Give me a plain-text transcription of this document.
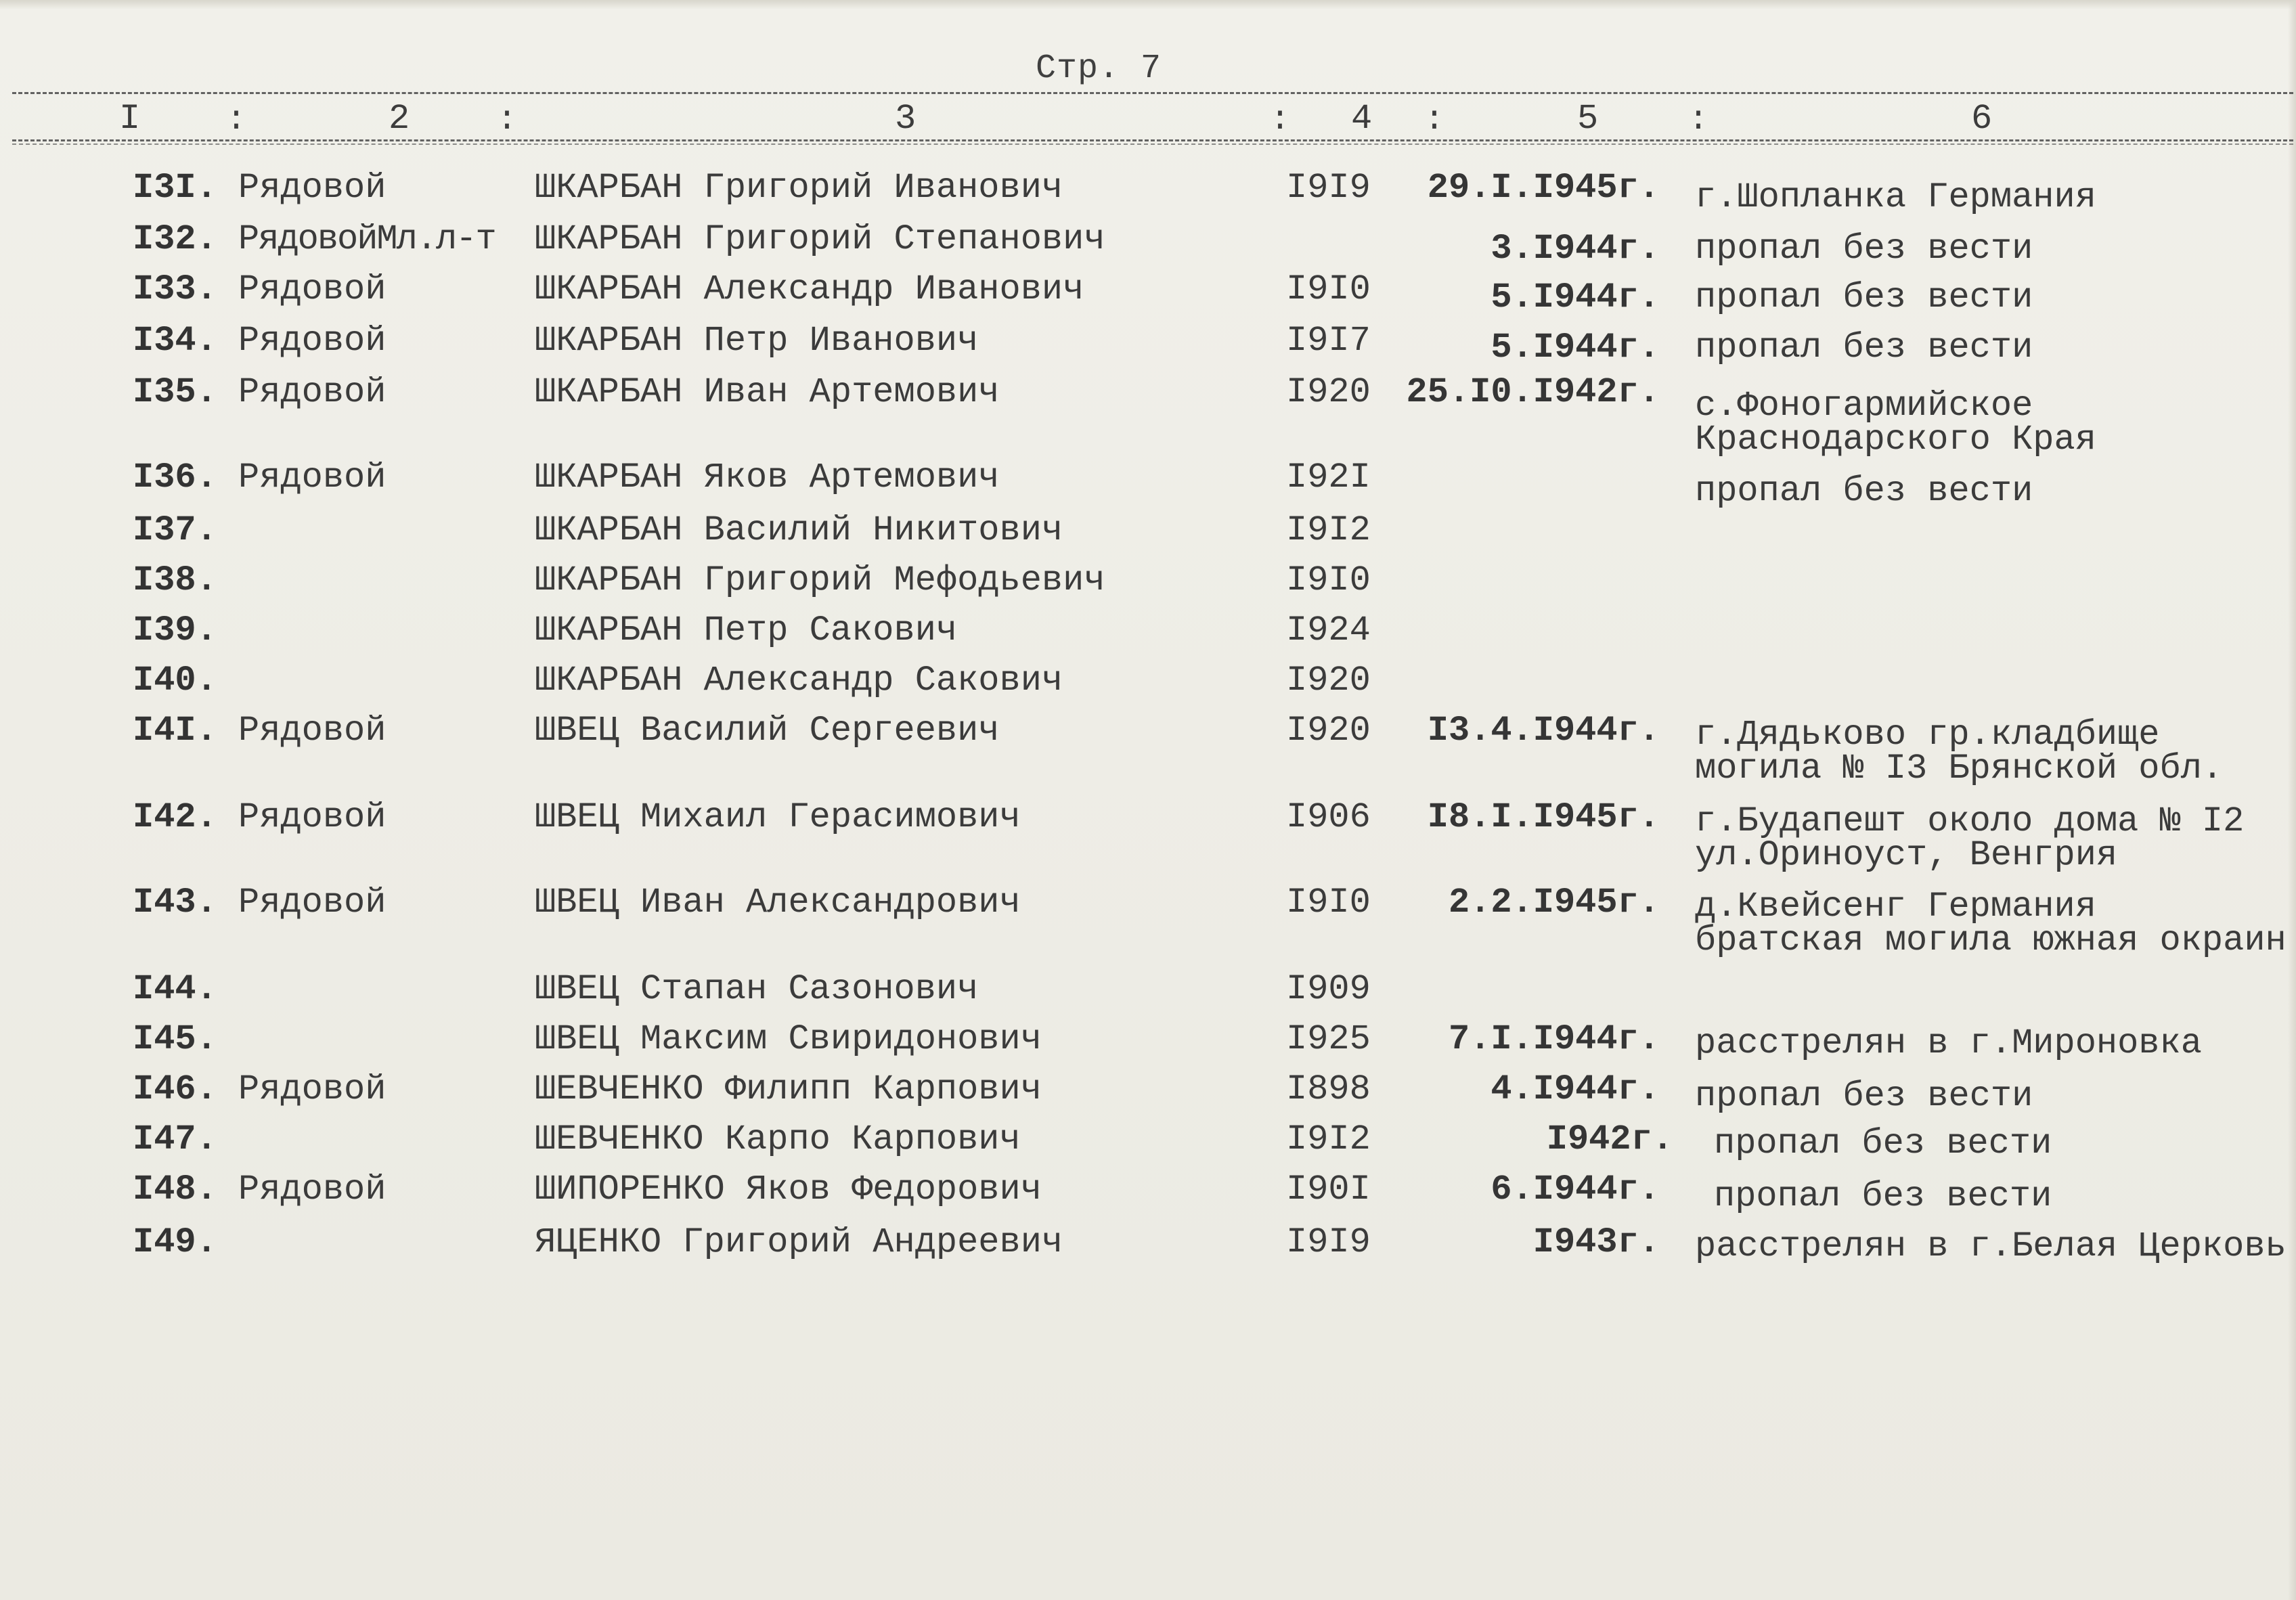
Стр. 7
I	:	2	:	3	: 4 :	5	:	6
I3I. Рядовой	ШКАРБАН Григорий Иванович	I9I9 29.I.I945г. г.Шопланка Германия
I32. РядовойМл.л-т ШКАРБАН Григорий Степанович	3.I944г. пропал без вести
I33. Рядовой	ШКАРБАН Александр Иванович	I9I0	5.I944г. пропал без вести
I34. Рядовой	ШКАРБАН Петр Иванович	I9I7	5.I944г. пропал без вести
I35. Рядовой	ШКАРБАН Иван Артемович	I920 25.I0.I942г. с.Фоногармийское
Краснодарского Края
I36. Рядовой	ШКАРБАН Яков Артемович	I92I	пропал без вести
I37.	ШКАРБАН Василий Никитович	I9I2
I38.	ШКАРБАН Григорий Мефодьевич	I9I0
I39.	ШКАРБАН Петр Сакович	I924
I40.	ШКАРБАН Александр Сакович	I920
I4I. Рядовой	ШВЕЦ Василий Сергеевич	I920 I3.4.I944г. г.Дядьково гр.кладбище
могила № I3 Брянской обл.
I42. Рядовой	ШВЕЦ Михаил Герасимович	I906 I8.I.I945г. г.Будапешт около дома № I2
ул.Ориноуст, Венгрия
I43. Рядовой	ШВЕЦ Иван Александрович	I9I0 2.2.I945г. д.Квейсенг Германия
братская могила южная окраин
I44.	ШВЕЦ Стапан Сазонович	I909
I45.	ШВЕЦ Максим Свиридонович	I925 7.I.I944г. расстрелян в г.Мироновка
I46. Рядовой	ШЕВЧЕНКО Филипп Карпович	I898	4.I944г. пропал без вести
I47.	ШЕВЧЕНКО Карпо Карпович	I9I2	I942г. пропал без вести
I48. Рядовой	ШИПОРЕНКО Яков Федорович	I90I	6.I944г. пропал без вести
I49.	ЯЦЕНКО Григорий Андреевич	I9I9	I943г. расстрелян в г.Белая Церковь
